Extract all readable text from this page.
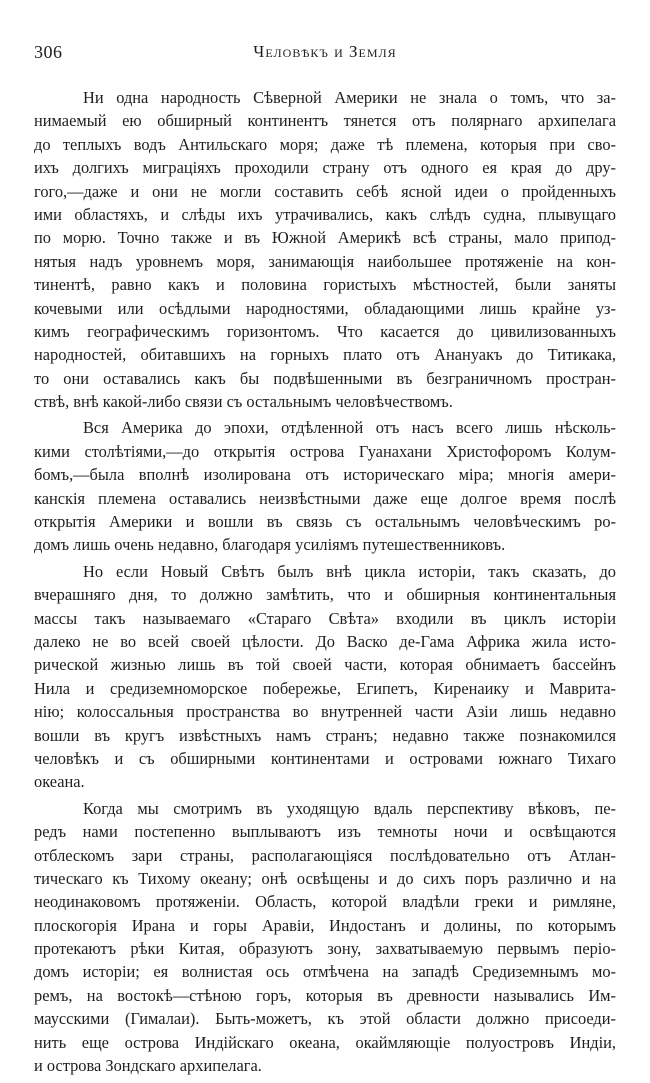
306	Человѣкъ и Земля
Ни одна народность Сѣверной Америки не знала о томъ, что за-
нимаемый ею обширный континентъ тянется отъ полярнаго архипелага
до теплыхъ водъ Антильскаго моря; даже тѣ племена, которыя при сво-
ихъ долгихъ миграціяхъ проходили страну отъ одного ея края до дру-
гого,—даже и они не могли составить себѣ ясной идеи о пройденныхъ
ими областяхъ, и слѣды ихъ утрачивались, какъ слѣдъ судна, плывущаго
по морю. Точно также и въ Южной Америкѣ всѣ страны, мало припод-
нятыя надъ уровнемъ моря, занимающія наибольшее протяженіе на кон-
тинентѣ, равно какъ и половина гористыхъ мѣстностей, были заняты
кочевыми или осѣдлыми народностями, обладающими лишь крайне уз-
кимъ географическимъ горизонтомъ. Что касается до цивилизованныхъ
народностей, обитавшихъ на горныхъ плато отъ Анануакъ до Титикака,
то они оставались какъ бы подвѣшенными въ безграничномъ простран-
ствѣ, внѣ какой-либо связи съ остальнымъ человѣчествомъ.
Вся Америка до эпохи, отдѣленной отъ насъ всего лишь нѣсколь-
кими столѣтіями,—до открытія острова Гуанахани Христофоромъ Колум-
бомъ,—была вполнѣ изолирована отъ историческаго міра; многія амери-
канскія племена оставались неизвѣстными даже еще долгое время послѣ
открытія Америки и вошли въ связь съ остальнымъ человѣческимъ ро-
домъ лишь очень недавно, благодаря усиліямъ путешественниковъ.
Но если Новый Свѣтъ былъ внѣ цикла исторіи, такъ сказать, до
вчерашняго дня, то должно замѣтить, что и обширныя континентальныя
массы такъ называемаго «Стараго Свѣта» входили въ циклъ исторіи
далеко не во всей своей цѣлости. До Васко де-Гама Африка жила истo-
рической жизнью лишь въ той своей части, которая обнимаетъ бассейнъ
Нила и средиземноморское побережье, Египетъ, Киренаику и Маврита-
нію; колоссальныя пространства во внутренней части Азіи лишь недавно
вошли въ кругъ извѣстныхъ намъ странъ; недавно также познакомился
человѣкъ и съ обширными континентами и островами южнаго Тихаго
океана.
Когда мы смотримъ въ уходящую вдаль перспективу вѣковъ, пе-
редъ нами постепенно выплываютъ изъ темноты ночи и освѣщаются
отблескомъ зари страны, располагающіяся послѣдовательно отъ Атлан-
тическаго къ Тихому океану; онѣ освѣщены и до сихъ поръ различно и на
неодинаковомъ протяженіи. Область, которой владѣли греки и римляне,
плоскогорія Ирана и горы Аравіи, Индостанъ и долины, по которымъ
протекаютъ рѣки Китая, образуютъ зону, захватываемую первымъ періо-
домъ исторіи; ея волнистая ось отмѣчена на западѣ Средиземнымъ мо-
ремъ, на востокѣ—стѣною горъ, которыя въ древности назывались Им-
маусскими (Гималаи). Быть-можетъ, къ этой области должно присоеди-
нить еще острова Индійскаго океана, окаймляющіе полуостровъ Индіи,
и острова Зондскаго архипелага.
